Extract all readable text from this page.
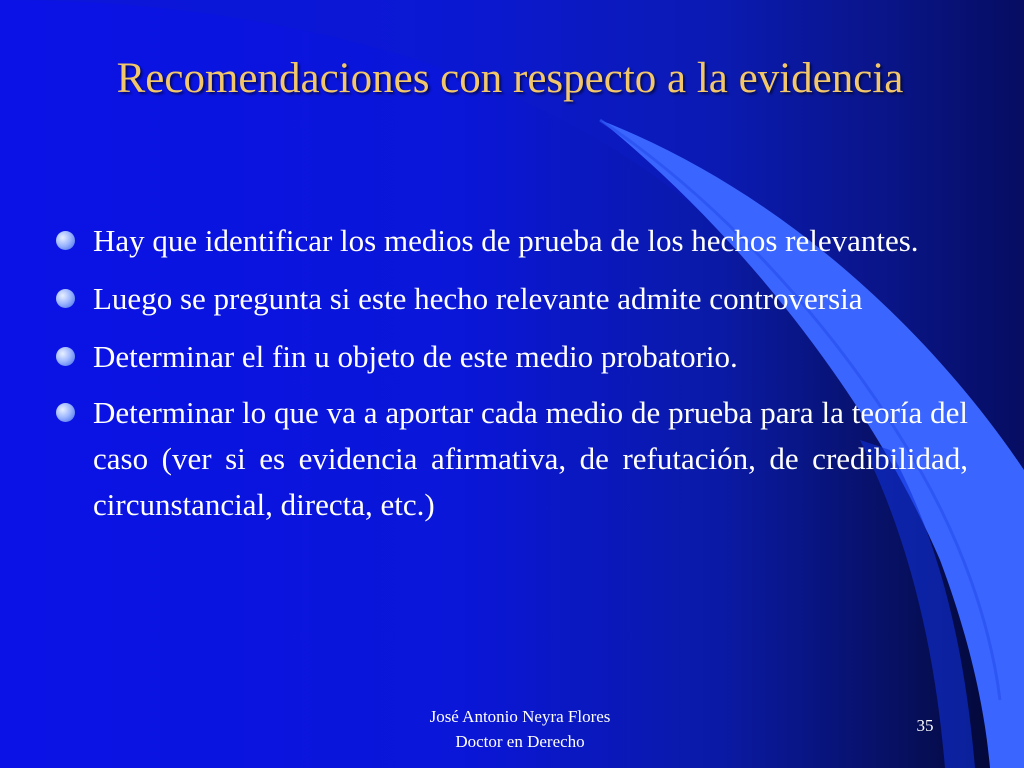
Recomendaciones con respecto a la evidencia
Hay que identificar los medios de prueba de los hechos relevantes.
Luego se pregunta si este hecho relevante admite controversia
Determinar el fin u objeto de este medio probatorio.
Determinar lo que va a aportar cada medio de prueba para la teoría del caso (ver si es evidencia afirmativa, de refutación, de credibilidad, circunstancial, directa, etc.)
José Antonio Neyra Flores
Doctor en Derecho
35
